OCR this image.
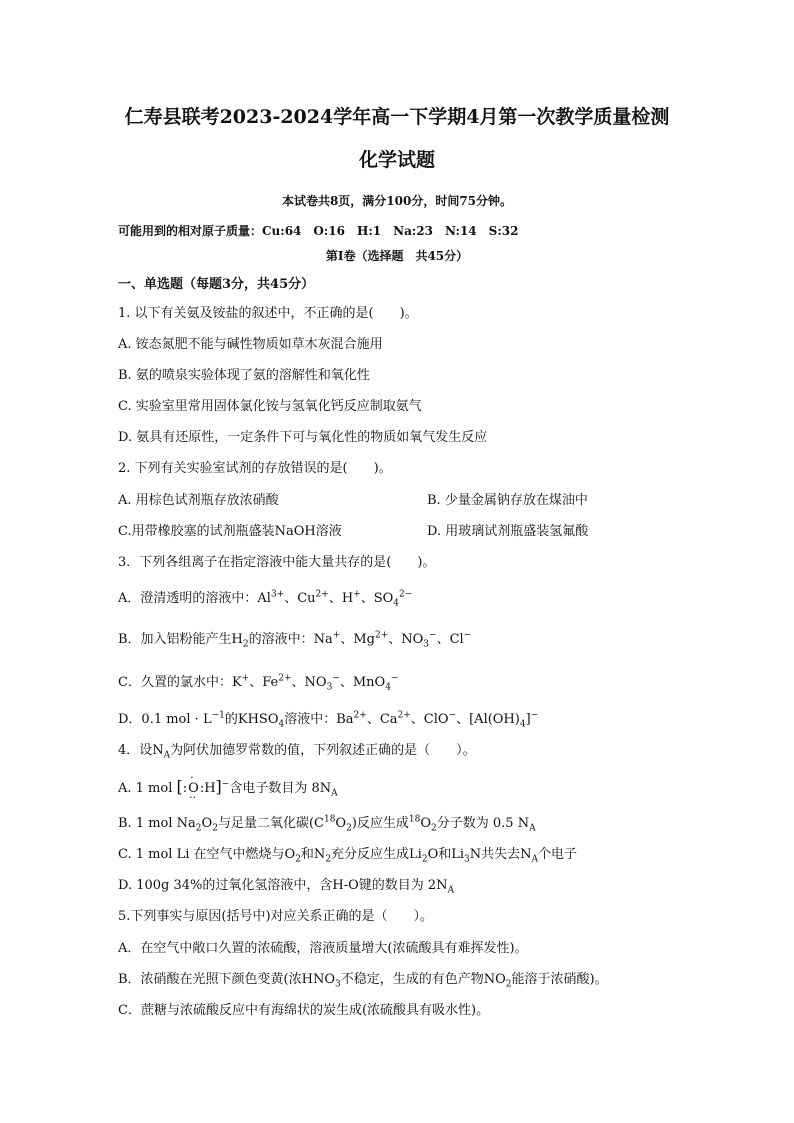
仁寿县联考2023-2024学年高一下学期4月第一次教学质量检测
化学试题
本试卷共8页，满分100分，时间75分钟。
可能用到的相对原子质量：Cu:64　O:16　H:1　Na:23　N:14　S:32
第Ⅰ卷（选择题　共45分）
一、单选题（每题3分，共45分）
1. 以下有关氨及铵盐的叙述中，不正确的是(　　)。
A. 铵态氮肥不能与碱性物质如草木灰混合施用
B. 氨的喷泉实验体现了氨的溶解性和氧化性
C. 实验室里常用固体氯化铵与氢氧化钙反应制取氨气
D. 氨具有还原性，一定条件下可与氧化性的物质如氧气发生反应
2. 下列有关实验室试剂的存放错误的是(　　)。
A. 用棕色试剂瓶存放浓硝酸	B. 少量金属钠存放在煤油中
C.用带橡胶塞的试剂瓶盛装NaOH溶液	D. 用玻璃试剂瓶盛装氢氟酸
3．下列各组离子在指定溶液中能大量共存的是(　　)。
A．澄清透明的溶液中：$Al^{3+}$、$Cu^{2+}$、H+、$SO_4^{2-}$
B．加入铝粉能产生$H_2$的溶液中：Na+、$Mg^{2+}$、$NO_3^-$、Cl−
C．久置的氯水中：K+、$Fe^{2+}$、$NO_3^-$、MnO$_4$−
D．0.1 mol · $L^{-1}$的$KHSO_4$溶液中：$Ba^{2+}$、$Ca^{2+}$、ClO−、$[Al(OH)_4]^-$
4．设$N_A$为阿伏加德罗常数的值，下列叙述正确的是（　　）。
A. 1 mol [:· O ··:H]−含电子数目为 $8N_A$
B. 1 mol $Na_2O_2$与足量二氧化碳$(C^{18}O_2)$反应生成$^{18}O_2$分子数为 0.5 $N_A$
C. 1 mol Li 在空气中燃烧与$O_2$和$N_2$充分反应生成$Li_2O$和$Li_3N$共失去$N_A$个电子
D. 100g 34%的过氧化氢溶液中，含H-O键的数目为 $2N_A$
5.下列事实与原因(括号中)对应关系正确的是（　　）。
A．在空气中敞口久置的浓硫酸，溶液质量增大(浓硫酸具有难挥发性)。
B．浓硝酸在光照下颜色变黄(浓$HNO_3$不稳定，生成的有色产物$NO_2$能溶于浓硝酸)。
C．蔗糖与浓硫酸反应中有海绵状的炭生成(浓硫酸具有吸水性)。
